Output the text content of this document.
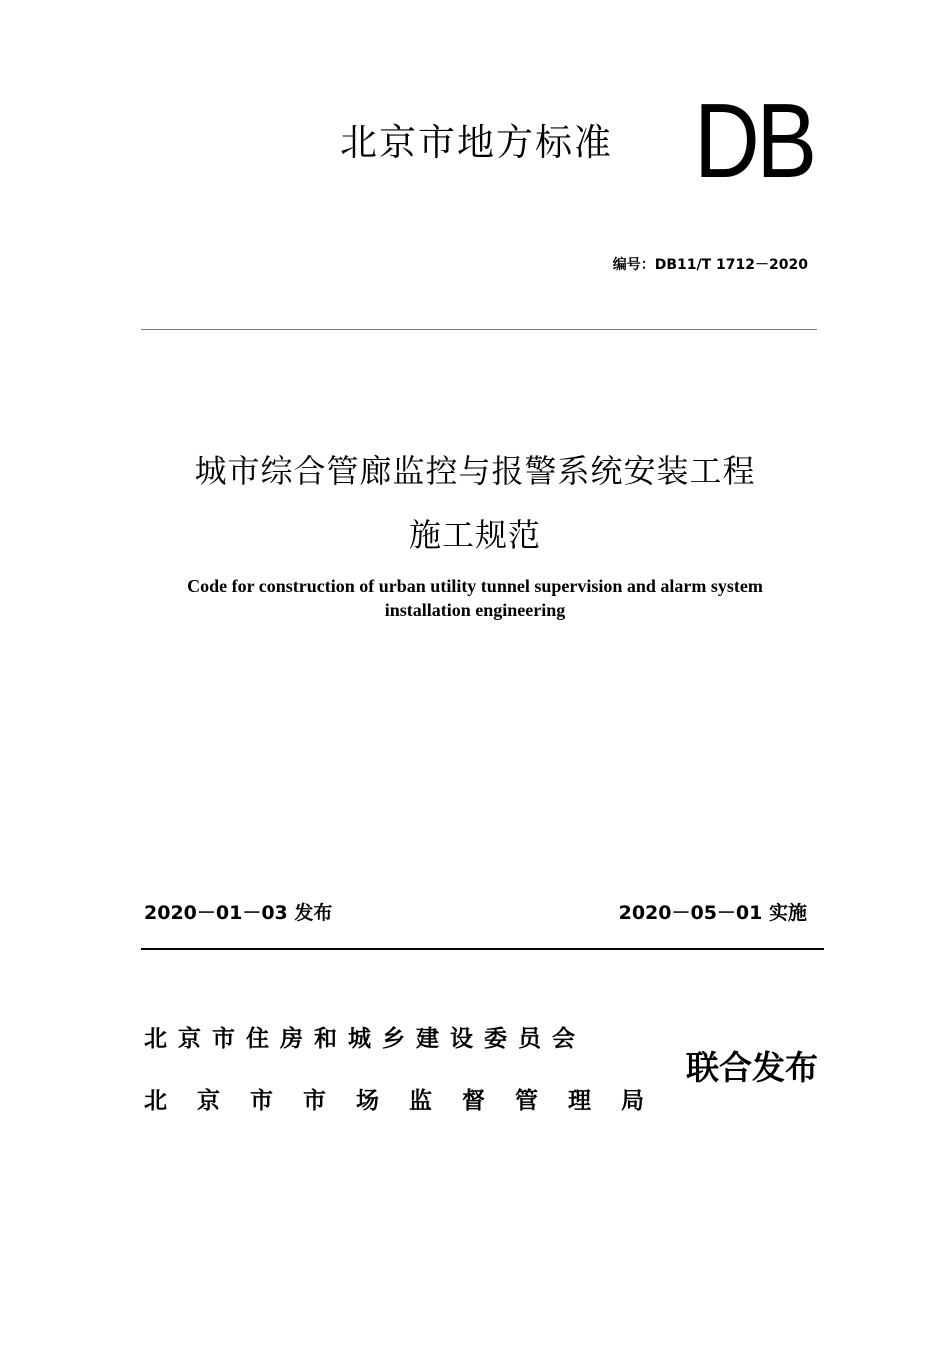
北京市地方标准 DB
编号：DB11/T 1712－2020
城市综合管廊监控与报警系统安装工程
施工规范
Code for construction of urban utility tunnel supervision and alarm system
installation engineering
2020－01－03 发布	2020－05－01 实施
北京市住房和城乡建设委员会
北京市市场监督管理局
联合发布
